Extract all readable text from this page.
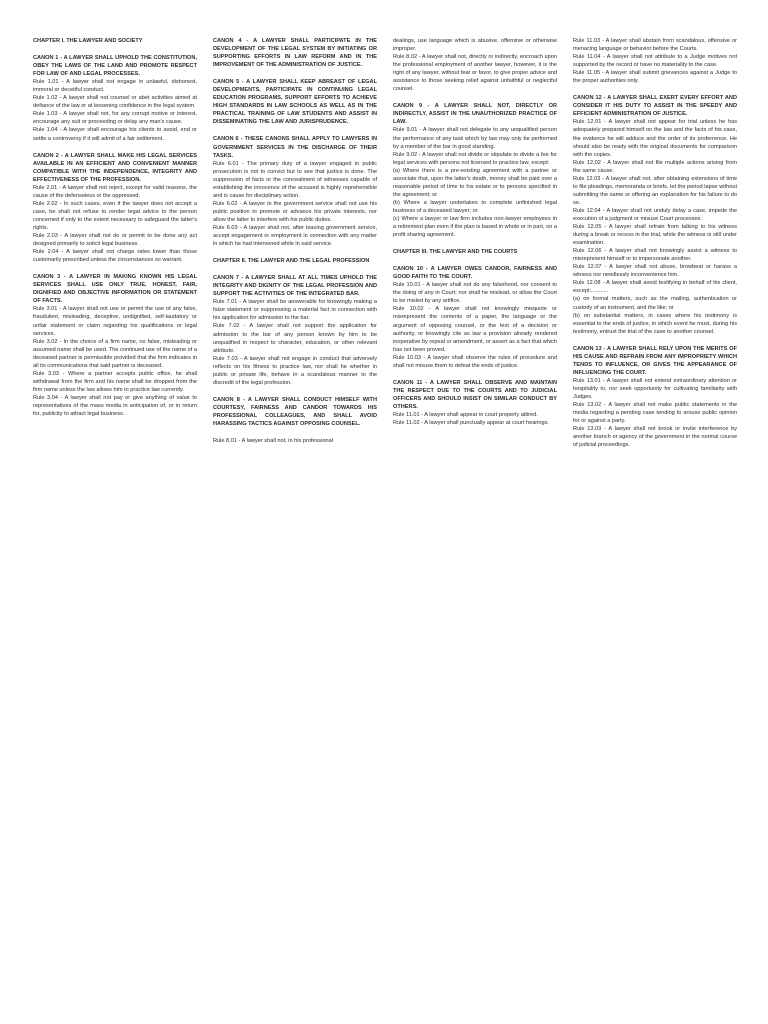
CHAPTER I. THE LAWYER AND SOCIETY
CANON 1 - A LAWYER SHALL UPHOLD THE CONSTITUTION, OBEY THE LAWS OF THE LAND AND PROMOTE RESPECT FOR LAW OF AND LEGAL PROCESSES.
Rule 1.01 - A lawyer shall not engage in unlawful, dishonest, immoral or deceitful conduct.
Rule 1.02 - A lawyer shall not counsel or abet activities aimed at defiance of the law or at lessening confidence in the legal system.
Rule 1.03 - A lawyer shall not, for any corrupt motive or interest, encourage any suit or proceeding or delay any man's cause.
Rule 1.04 - A lawyer shall encourage his clients to avoid, end or settle a controversy if it will admit of a fair settlement.
CANON 2 - A LAWYER SHALL MAKE HIS LEGAL SERVICES AVAILABLE IN AN EFFICIENT AND CONVENIENT MANNER COMPATIBLE WITH THE INDEPENDENCE, INTEGRITY AND EFFECTIVENESS OF THE PROFESSION.
Rule 2.01 - A lawyer shall not reject, except for valid reasons, the cause of the defenseless or the oppressed.
Rule 2.02 - In such cases, even if the lawyer does not accept a case, he shall not refuse to render legal advice to the person concerned if only to the extent necessary to safeguard the latter's rights.
Rule 2.03 - A lawyer shall not do or permit to be done any act designed primarily to solicit legal business.
Rule 2.04 - A lawyer shall not charge rates lower than those customarily prescribed unless the circumstances so warrant.
CANON 3 - A LAWYER IN MAKING KNOWN HIS LEGAL SERVICES SHALL USE ONLY TRUE, HONEST, FAIR, DIGNIFIED AND OBJECTIVE INFORMATION OR STATEMENT OF FACTS.
Rule 3.01 - A lawyer shall not use or permit the use of any false, fraudulent, misleading, deceptive, undignified, self-laudatory or unfair statement or claim regarding his qualifications or legal services.
Rule 3.02 - In the choice of a firm name, no false, misleading or assumed name shall be used. The continued use of the name of a deceased partner is permissible provided that the firm indicates in all its communications that said partner is deceased.
Rule 3.03 - Where a partner accepts public office, he shall withdrawal from the firm and his name shall be dropped from the firm name unless the law allows him to practice law currently.
Rule 3.04 - A lawyer shall not pay or give anything of value to representatives of the mass media in anticipation of, or in return for, publicity to attract legal business.
CANON 4 - A LAWYER SHALL PARTICIPATE IN THE DEVELOPMENT OF THE LEGAL SYSTEM BY INITIATING OR SUPPORTING EFFORTS IN LAW REFORM AND IN THE IMPROVEMENT OF THE ADMINISTRATION OF JUSTICE.
CANON 5 - A LAWYER SHALL KEEP ABREAST OF LEGAL DEVELOPMENTS, PARTICIPATE IN CONTINUING LEGAL EDUCATION PROGRAMS, SUPPORT EFFORTS TO ACHIEVE HIGH STANDARDS IN LAW SCHOOLS AS WELL AS IN THE PRACTICAL TRAINING OF LAW STUDENTS AND ASSIST IN DISSEMINATING THE LAW AND JURISPRUDENCE.
CANON 6 - THESE CANONS SHALL APPLY TO LAWYERS IN GOVERNMENT SERVICES IN THE DISCHARGE OF THEIR TASKS.
Rule 6.01 - The primary duty of a lawyer engaged in public prosecution is not to convict but to see that justice is done. The suppression of facts or the concealment of witnesses capable of establishing the innocence of the accused is highly reprehensible and is cause for disciplinary action.
Rule 6.02 - A lawyer in the government service shall not use his public position to promote or advance his private interests, nor allow the latter to interfere with his public duties.
Rule 6.03 - A lawyer shall not, after leaving government service, accept engagement or employment in connection with any matter in which he had intervened while in said service.
CHAPTER II. THE LAWYER AND THE LEGAL PROFESSION
CANON 7 - A LAWYER SHALL AT ALL TIMES UPHOLD THE INTEGRITY AND DIGNITY OF THE LEGAL PROFESSION AND SUPPORT THE ACTIVITIES OF THE INTEGRATED BAR.
Rule 7.01 - A lawyer shall be answerable for knowingly making a false statement or suppressing a material fact in connection with his application for admission to the bar.
Rule 7.02 - A lawyer shall not support the application for admission to the bar of any person known by him to be unqualified in respect to character, education, or other relevant attribute.
Rule 7.03 - A lawyer shall not engage in conduct that adversely reflects on his fitness to practice law, nor shall he whether in public or private life, behave in a scandalous manner to the discredit of the legal profession.
CANON 8 - A LAWYER SHALL CONDUCT HIMSELF WITH COURTESY, FAIRNESS AND CANDOR TOWARDS HIS PROFESSIONAL COLLEAGUES, AND SHALL AVOID HARASSING TACTICS AGAINST OPPOSING COUNSEL.
Rule 8.01 - A lawyer shall not, in his professional
dealings, use language which is abusive, offensive or otherwise improper.
Rule 8.02 - A lawyer shall not, directly or indirectly, encroach upon the professional employment of another lawyer, however, it is the right of any lawyer, without fear or favor, to give proper advice and assistance to those seeking relief against unfaithful or neglectful counsel.
CANON 9 - A LAWYER SHALL NOT, DIRECTLY OR INDIRECTLY, ASSIST IN THE UNAUTHORIZED PRACTICE OF LAW.
Rule 9.01 - A lawyer shall not delegate to any unqualified person the performance of any task which by law may only be performed by a member of the bar in good standing.
Rule 9.02 - A lawyer shall not divide or stipulate to divide a fee for legal services with persons not licensed to practice law, except:
(a) Where there is a pre-existing agreement with a partner or associate that, upon the latter's death, money shall be paid over a reasonable period of time to his estate or to persons specified in the agreement; or
(b) Where a lawyer undertakes to complete unfinished legal business of a deceased lawyer; or
(c) Where a lawyer or law firm includes non-lawyer employees in a retirement plan even if the plan is based in whole or in part, on a profit sharing agreement.
CHAPTER III. THE LAWYER AND THE COURTS
CANON 10 - A LAWYER OWES CANDOR, FAIRNESS AND GOOD FAITH TO THE COURT.
Rule 10.01 - A lawyer shall not do any falsehood, nor consent to the doing of any in Court; nor shall he mislead, or allow the Court to be misled by any artifice.
Rule 10.02 - A lawyer shall not knowingly misquote or misrepresent the contents of a paper, the language or the argument of opposing counsel, or the text of a decision or authority, or knowingly cite as law a provision already rendered inoperative by repeal or amendment, or assert as a fact that which has not been proved.
Rule 10.03 - A lawyer shall observe the rules of procedure and shall not misuse them to defeat the ends of justice.
CANON 11 - A LAWYER SHALL OBSERVE AND MAINTAIN THE RESPECT DUE TO THE COURTS AND TO JUDICIAL OFFICERS AND SHOULD INSIST ON SIMILAR CONDUCT BY OTHERS.
Rule 11.01 - A lawyer shall appear in court properly attired.
Rule 11.02 - A lawyer shall punctually appear at court hearings.
Rule 11.03 - A lawyer shall abstain from scandalous, offensive or menacing language or behavior before the Courts.
Rule 11.04 - A lawyer shall not attribute to a Judge motives not supported by the record or have no materiality to the case.
Rule 11.05 - A lawyer shall submit grievances against a Judge to the proper authorities only.
CANON 12 - A LAWYER SHALL EXERT EVERY EFFORT AND CONSIDER IT HIS DUTY TO ASSIST IN THE SPEEDY AND EFFICIENT ADMINISTRATION OF JUSTICE.
Rule 12.01 - A lawyer shall not appear for trial unless he has adequately prepared himself on the law and the facts of his case, the evidence he will adduce and the order of its proferrence. He should also be ready with the original documents for comparison with the copies.
Rule 12.02 - A lawyer shall not file multiple actions arising from the same cause.
Rule 12.03 - A lawyer shall not, after obtaining extensions of time to file pleadings, memoranda or briefs, let the period lapse without submitting the same or offering an explanation for his failure to do so.
Rule 12.04 - A lawyer shall not unduly delay a case, impede the execution of a judgment or misuse Court processes.
Rule 12.05 - A lawyer shall refrain from talking to his witness during a break or recess in the trial, while the witness is still under examination.
Rule 12.06 - A lawyer shall not knowingly assist a witness to misrepresent himself or to impersonate another.
Rule 12.07 - A lawyer shall not abuse, browbeat or harass a witness nor needlessly inconvenience him.
Rule 12.08 - A lawyer shall avoid testifying in behalf of his client, except:...........
(a) on formal matters, such as the mailing, authentication or custody of an instrument, and the like; or
(b) on substantial matters, in cases where his testimony is essential to the ends of justice, in which event he must, during his testimony, entrust the trial of the case to another counsel.
CANON 13 - A LAWYER SHALL RELY UPON THE MERITS OF HIS CAUSE AND REFRAIN FROM ANY IMPROPRIETY WHICH TENDS TO INFLUENCE, OR GIVES THE APPEARANCE OF INFLUENCING THE COURT.
Rule 13.01 - A lawyer shall not extend extraordinary attention or hospitality to, nor seek opportunity for cultivating familiarity with Judges.
Rule 13.02 - A lawyer shall not make public statements in the media regarding a pending case tending to arouse public opinion for or against a party.
Rule 13.03 - A lawyer shall not brook or invite interference by another branch or agency of the government in the normal course of judicial proceedings.
